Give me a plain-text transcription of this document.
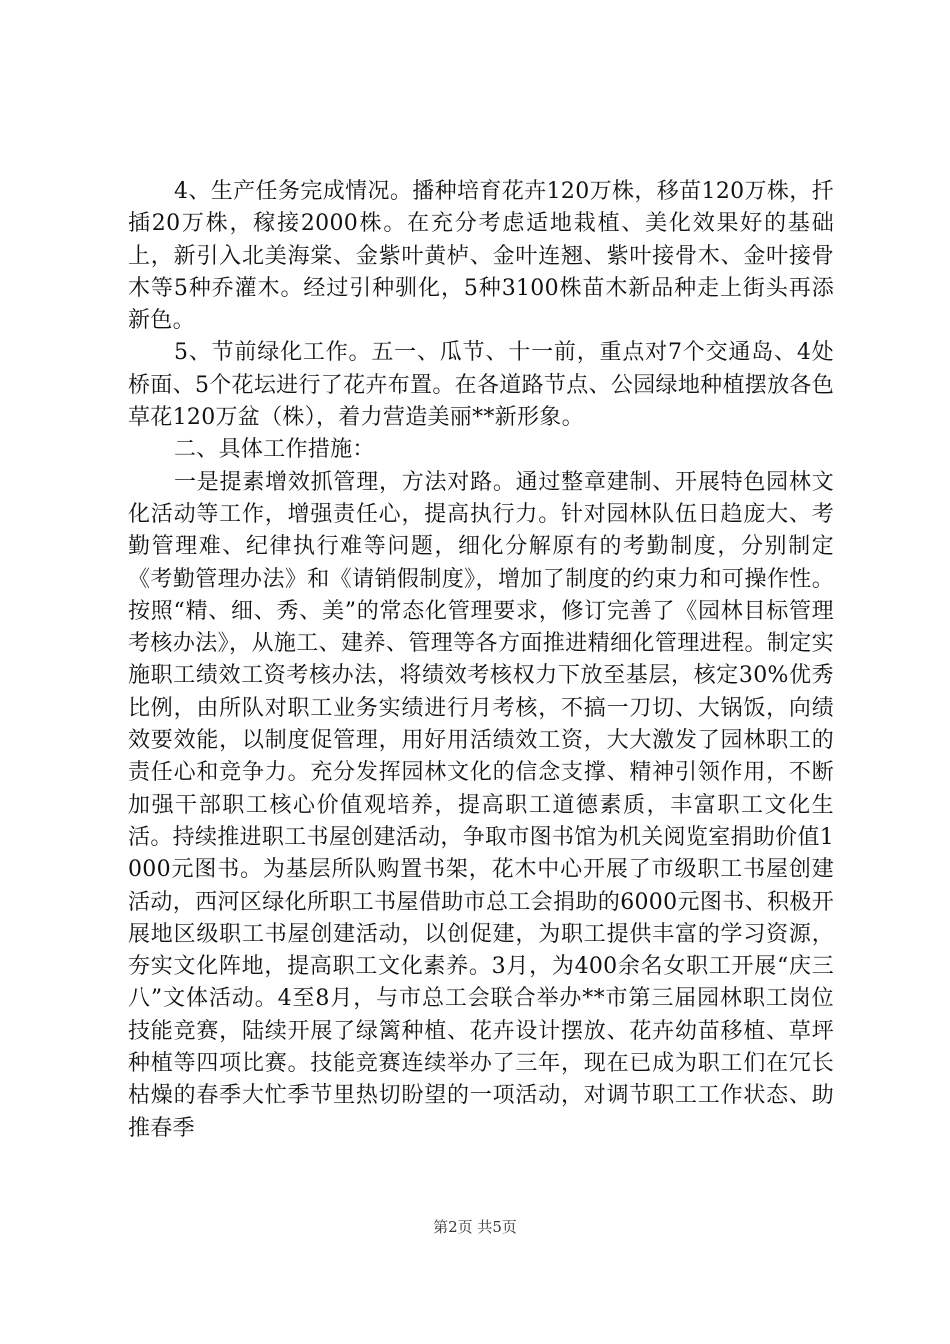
4、生产任务完成情况。播种培育花卉120万株，移苗120万株，扦插20万株，稼接2000株。在充分考虑适地栽植、美化效果好的基础上，新引入北美海棠、金紫叶黄栌、金叶连翘、紫叶接骨木、金叶接骨木等5种乔灌木。经过引种驯化，5种3100株苗木新品种走上街头再添新色。

5、节前绿化工作。五一、瓜节、十一前，重点对7个交通岛、4处桥面、5个花坛进行了花卉布置。在各道路节点、公园绿地种植摆放各色草花120万盆（株），着力营造美丽**新形象。

二、具体工作措施：

一是提素增效抓管理，方法对路。通过整章建制、开展特色园林文化活动等工作，增强责任心，提高执行力。针对园林队伍日趋庞大、考勤管理难、纪律执行难等问题，细化分解原有的考勤制度，分别制定《考勤管理办法》和《请销假制度》，增加了制度的约束力和可操作性。按照“精、细、秀、美”的常态化管理要求，修订完善了《园林目标管理考核办法》，从施工、建养、管理等各方面推进精细化管理进程。制定实施职工绩效工资考核办法，将绩效考核权力下放至基层，核定30%优秀比例，由所队对职工业务实绩进行月考核，不搞一刀切、大锅饭，向绩效要效能，以制度促管理，用好用活绩效工资，大大激发了园林职工的责任心和竞争力。充分发挥园林文化的信念支撑、精神引领作用，不断加强干部职工核心价值观培养，提高职工道德素质，丰富职工文化生活。持续推进职工书屋创建活动，争取市图书馆为机关阅览室捐助价值1000元图书。为基层所队购置书架，花木中心开展了市级职工书屋创建活动，西河区绿化所职工书屋借助市总工会捐助的6000元图书、积极开展地区级职工书屋创建活动，以创促建，为职工提供丰富的学习资源，夯实文化阵地，提高职工文化素养。3月，为400余名女职工开展“庆三八”文体活动。4至8月，与市总工会联合举办**市第三届园林职工岗位技能竞赛，陆续开展了绿篱种植、花卉设计摆放、花卉幼苗移植、草坪种植等四项比赛。技能竞赛连续举办了三年，现在已成为职工们在冗长枯燥的春季大忙季节里热切盼望的一项活动，对调节职工工作状态、助推春季

第2页 共5页
